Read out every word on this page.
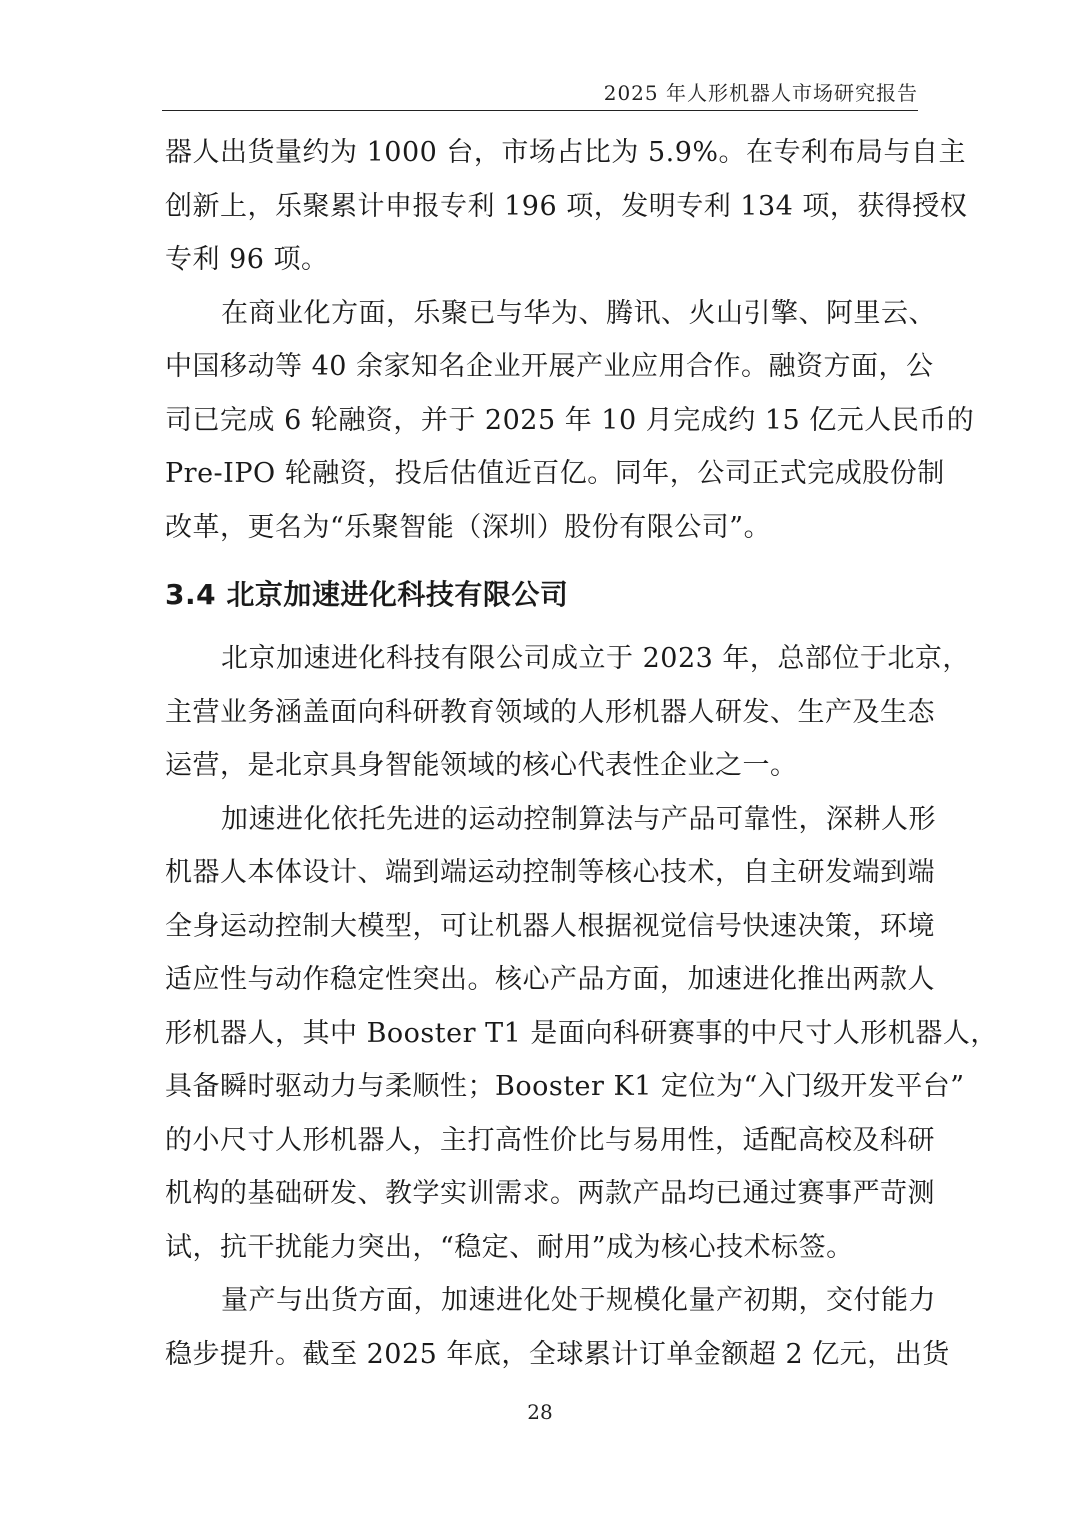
2025 年人形机器人市场研究报告
器人出货量约为 1000 台，市场占比为 5.9%。在专利布局与自主
创新上，乐聚累计申报专利 196 项，发明专利 134 项，获得授权
专利 96 项。
在商业化方面，乐聚已与华为、腾讯、火山引擎、阿里云、
中国移动等 40 余家知名企业开展产业应用合作。融资方面，公
司已完成 6 轮融资，并于 2025 年 10 月完成约 15 亿元人民币的
Pre-IPO 轮融资，投后估值近百亿。同年，公司正式完成股份制
改革，更名为“乐聚智能（深圳）股份有限公司”。
3.4 北京加速进化科技有限公司
北京加速进化科技有限公司成立于 2023 年，总部位于北京，
主营业务涵盖面向科研教育领域的人形机器人研发、生产及生态
运营，是北京具身智能领域的核心代表性企业之一。
加速进化依托先进的运动控制算法与产品可靠性，深耕人形
机器人本体设计、端到端运动控制等核心技术，自主研发端到端
全身运动控制大模型，可让机器人根据视觉信号快速决策，环境
适应性与动作稳定性突出。核心产品方面，加速进化推出两款人
形机器人，其中 Booster T1 是面向科研赛事的中尺寸人形机器人，
具备瞬时驱动力与柔顺性；Booster K1 定位为“入门级开发平台”
的小尺寸人形机器人，主打高性价比与易用性，适配高校及科研
机构的基础研发、教学实训需求。两款产品均已通过赛事严苛测
试，抗干扰能力突出，“稳定、耐用”成为核心技术标签。
量产与出货方面，加速进化处于规模化量产初期，交付能力
稳步提升。截至 2025 年底，全球累计订单金额超 2 亿元，出货
28
